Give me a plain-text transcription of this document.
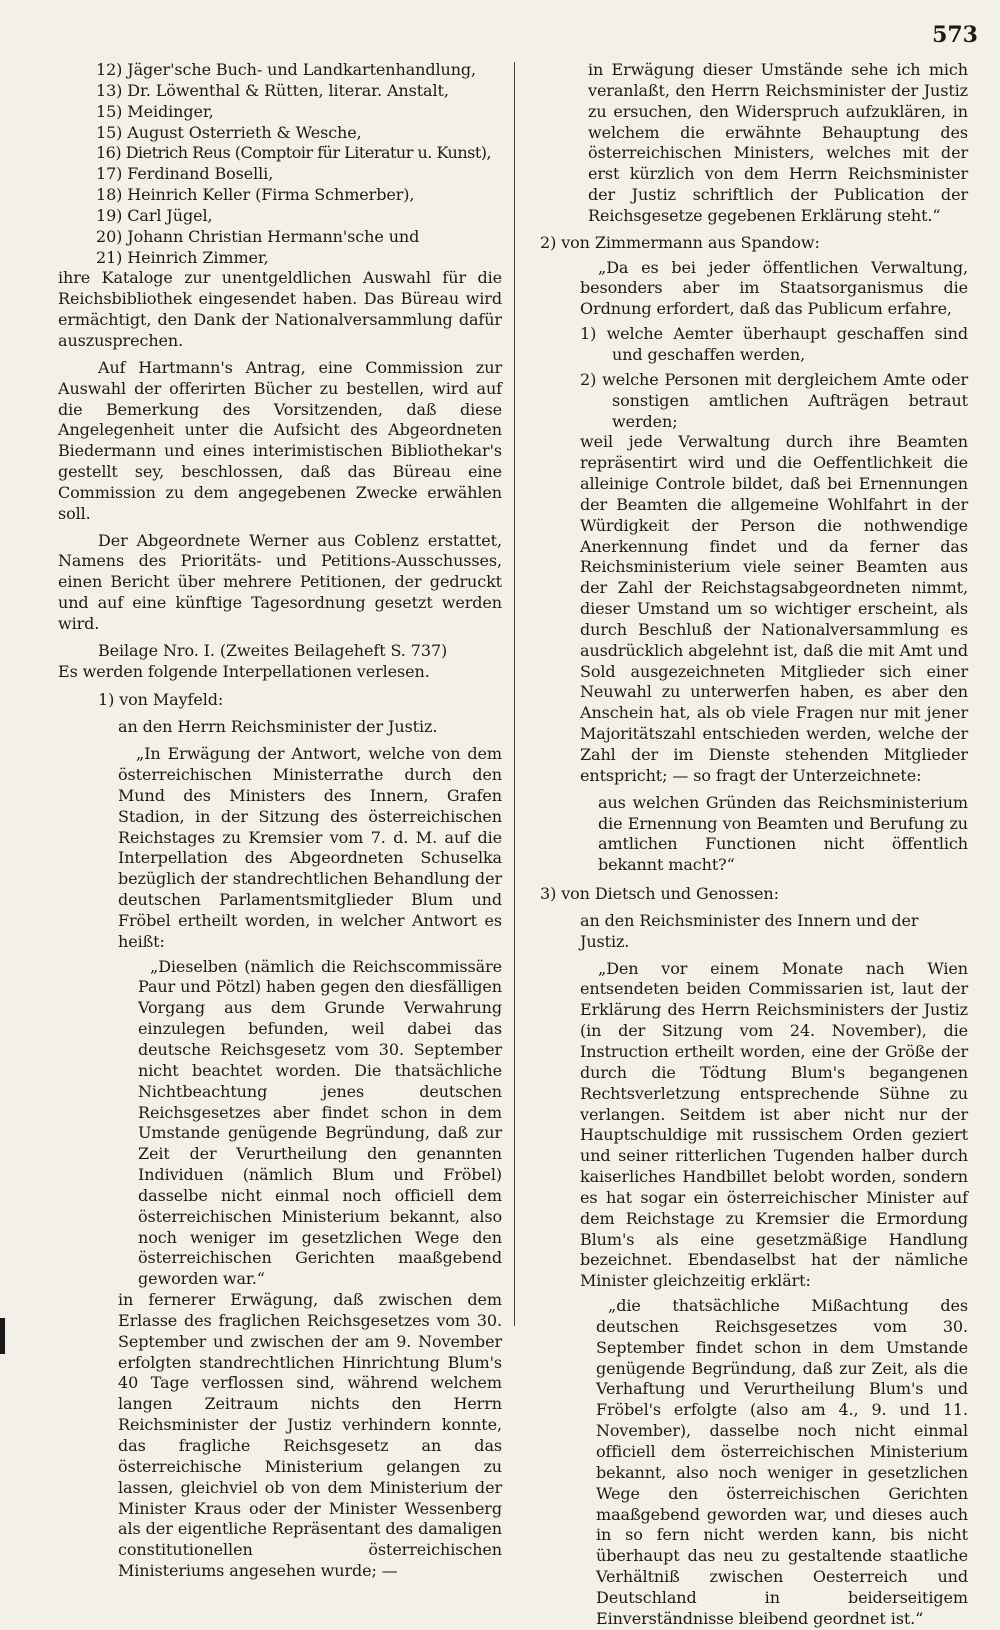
573

12) Jäger'sche Buch- und Landkartenhandlung,

13) Dr. Löwenthal & Rütten, literar. Anstalt,

15) Meidinger,

15) August Osterrieth & Wesche,

16) Dietrich Reus (Comptoir für Literatur u. Kunst),

17) Ferdinand Boselli,

18) Heinrich Keller (Firma Schmerber),

19) Carl Jügel,

20) Johann Christian Hermann'sche und

21) Heinrich Zimmer,

ihre Kataloge zur unentgeldlichen Auswahl für die Reichsbibliothek eingesendet haben. Das Büreau wird ermächtigt, den Dank der Nationalversammlung dafür auszusprechen.

Auf Hartmann's Antrag, eine Commission zur Auswahl der offerirten Bücher zu bestellen, wird auf die Bemerkung des Vorsitzenden, daß diese Angelegenheit unter die Aufsicht des Abgeordneten Biedermann und eines interimistischen Bibliothekar's gestellt sey, beschlossen, daß das Büreau eine Commission zu dem angegebenen Zwecke erwählen soll.

Der Abgeordnete Werner aus Coblenz erstattet, Namens des Prioritäts- und Petitions-Ausschusses, einen Bericht über mehrere Petitionen, der gedruckt und auf eine künftige Tagesordnung gesetzt werden wird.

Beilage Nro. I. (Zweites Beilageheft S. 737)

Es werden folgende Interpellationen verlesen.

1) von Mayfeld:

an den Herrn Reichsminister der Justiz.

„In Erwägung der Antwort, welche von dem österreichischen Ministerrathe durch den Mund des Ministers des Innern, Grafen Stadion, in der Sitzung des österreichischen Reichstages zu Kremsier vom 7. d. M. auf die Interpellation des Abgeordneten Schuselka bezüglich der standrechtlichen Behandlung der deutschen Parlamentsmitglieder Blum und Fröbel ertheilt worden, in welcher Antwort es heißt:

„Dieselben (nämlich die Reichscommissäre Paur und Pötzl) haben gegen den diesfälligen Vorgang aus dem Grunde Verwahrung einzulegen befunden, weil dabei das deutsche Reichsgesetz vom 30. September nicht beachtet worden. Die thatsächliche Nichtbeachtung jenes deutschen Reichsgesetzes aber findet schon in dem Umstande genügende Begründung, daß zur Zeit der Verurtheilung den genannten Individuen (nämlich Blum und Fröbel) dasselbe nicht einmal noch officiell dem österreichischen Ministerium bekannt, also noch weniger im gesetzlichen Wege den österreichischen Gerichten maaßgebend geworden war.“

in fernerer Erwägung, daß zwischen dem Erlasse des fraglichen Reichsgesetzes vom 30. September und zwischen der am 9. November erfolgten standrechtlichen Hinrichtung Blum's 40 Tage verflossen sind, während welchem langen Zeitraum nichts den Herrn Reichsminister der Justiz verhindern konnte, das fragliche Reichsgesetz an das österreichische Ministerium gelangen zu lassen, gleichviel ob von dem Ministerium der Minister Kraus oder der Minister Wessenberg als der eigentliche Repräsentant des damaligen constitutionellen österreichischen Ministeriums angesehen wurde; —

in Erwägung dieser Umstände sehe ich mich veranlaßt, den Herrn Reichsminister der Justiz zu ersuchen, den Widerspruch aufzuklären, in welchem die erwähnte Behauptung des österreichischen Ministers, welches mit der erst kürzlich von dem Herrn Reichsminister der Justiz schriftlich der Publication der Reichsgesetze gegebenen Erklärung steht.“

2) von Zimmermann aus Spandow:

„Da es bei jeder öffentlichen Verwaltung, besonders aber im Staatsorganismus die Ordnung erfordert, daß das Publicum erfahre,

1) welche Aemter überhaupt geschaffen sind und geschaffen werden,

2) welche Personen mit dergleichem Amte oder sonstigen amtlichen Aufträgen betraut werden;

weil jede Verwaltung durch ihre Beamten repräsentirt wird und die Oeffentlichkeit die alleinige Controle bildet, daß bei Ernennungen der Beamten die allgemeine Wohlfahrt in der Würdigkeit der Person die nothwendige Anerkennung findet und da ferner das Reichsministerium viele seiner Beamten aus der Zahl der Reichstagsabgeordneten nimmt, dieser Umstand um so wichtiger erscheint, als durch Beschluß der Nationalversammlung es ausdrücklich abgelehnt ist, daß die mit Amt und Sold ausgezeichneten Mitglieder sich einer Neuwahl zu unterwerfen haben, es aber den Anschein hat, als ob viele Fragen nur mit jener Majoritätszahl entschieden werden, welche der Zahl der im Dienste stehenden Mitglieder entspricht; — so fragt der Unterzeichnete:

aus welchen Gründen das Reichsministerium die Ernennung von Beamten und Berufung zu amtlichen Functionen nicht öffentlich bekannt macht?“

3) von Dietsch und Genossen:

an den Reichsminister des Innern und der Justiz.

„Den vor einem Monate nach Wien entsendeten beiden Commissarien ist, laut der Erklärung des Herrn Reichsministers der Justiz (in der Sitzung vom 24. November), die Instruction ertheilt worden, eine der Größe der durch die Tödtung Blum's begangenen Rechtsverletzung entsprechende Sühne zu verlangen. Seitdem ist aber nicht nur der Hauptschuldige mit russischem Orden geziert und seiner ritterlichen Tugenden halber durch kaiserliches Handbillet belobt worden, sondern es hat sogar ein österreichischer Minister auf dem Reichstage zu Kremsier die Ermordung Blum's als eine gesetzmäßige Handlung bezeichnet. Ebendaselbst hat der nämliche Minister gleichzeitig erklärt:

„die thatsächliche Mißachtung des deutschen Reichsgesetzes vom 30. September findet schon in dem Umstande genügende Begründung, daß zur Zeit, als die Verhaftung und Verurtheilung Blum's und Fröbel's erfolgte (also am 4., 9. und 11. November), dasselbe noch nicht einmal officiell dem österreichischen Ministerium bekannt, also noch weniger in gesetzlichen Wege den österreichischen Gerichten maaßgebend geworden war, und dieses auch in so fern nicht werden kann, bis nicht überhaupt das neu zu gestaltende staatliche Verhältniß zwischen Oesterreich und Deutschland in beiderseitigem Einverständnisse bleibend geordnet ist.“
